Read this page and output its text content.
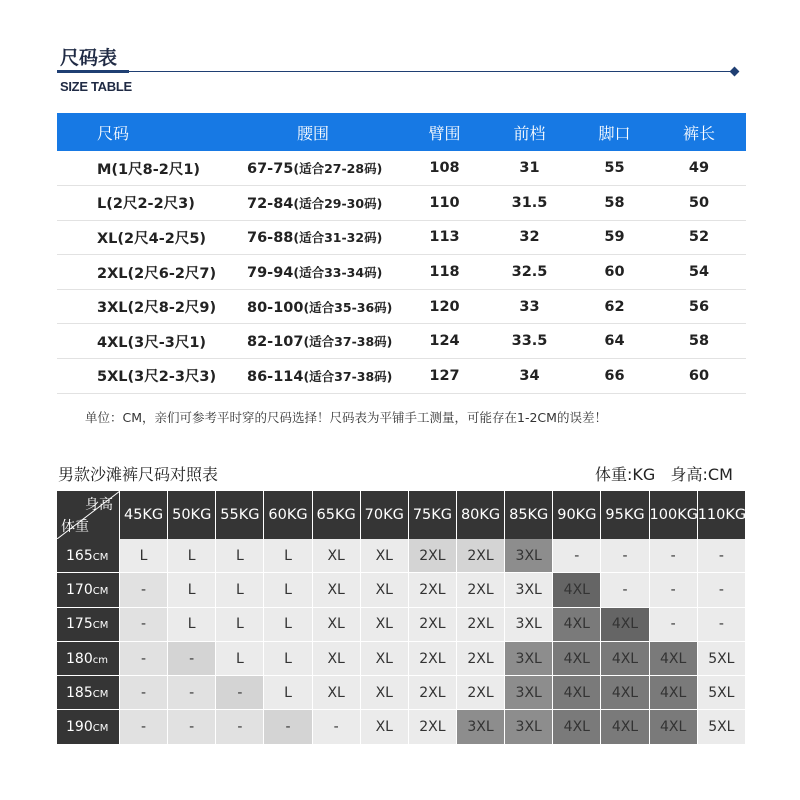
尺码表
SIZE TABLE
尺码	腰围	臂围	前档	脚口	裤长
M(1尺8-2尺1)	67-75(适合27-28码)	108	31	55	49
L(2尺2-2尺3)	72-84(适合29-30码)	110	31.5	58	50
XL(2尺4-2尺5)	76-88(适合31-32码)	113	32	59	52
2XL(2尺6-2尺7)	79-94(适合33-34码)	118	32.5	60	54
3XL(2尺8-2尺9)	80-100(适合35-36码)	120	33	62	56
4XL(3尺-3尺1)	82-107(适合37-38码)	124	33.5	64	58
5XL(3尺2-3尺3)	86-114(适合37-38码)	127	34	66	60
单位：CM，亲们可参考平时穿的尺码选择！尺码表为平铺手工测量，可能存在1-2CM的误差！
男款沙滩裤尺码对照表	体重:KG   身高:CM
身高
体重	45KG	50KG	55KG	60KG	65KG	70KG	75KG	80KG	85KG	90KG	95KG	100KG	110KG
165CM	L	L	L	L	XL	XL	2XL	2XL	3XL	-	-	-	-
170CM	-	L	L	L	XL	XL	2XL	2XL	3XL	4XL	-	-	-
175CM	-	L	L	L	XL	XL	2XL	2XL	3XL	4XL	4XL	-	-
180cm	-	-	L	L	XL	XL	2XL	2XL	3XL	4XL	4XL	4XL	5XL
185CM	-	-	-	L	XL	XL	2XL	2XL	3XL	4XL	4XL	4XL	5XL
190CM	-	-	-	-	-	XL	2XL	3XL	3XL	4XL	4XL	4XL	5XL
